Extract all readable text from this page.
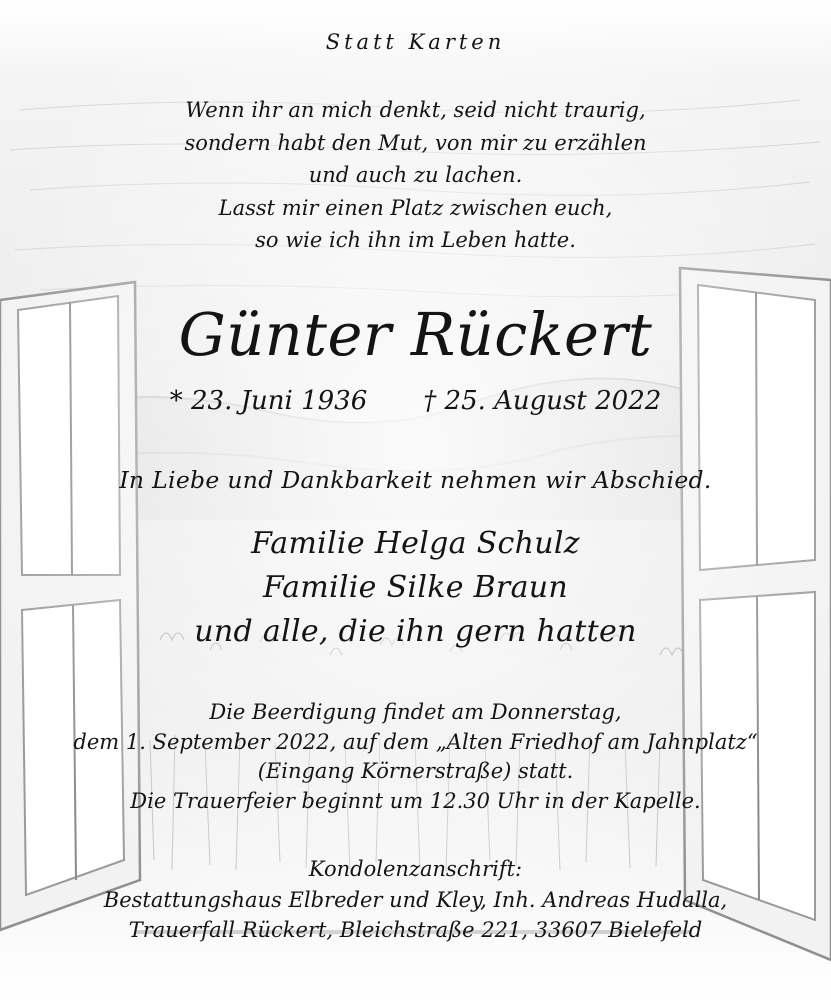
Statt Karten
Wenn ihr an mich denkt, seid nicht traurig,
sondern habt den Mut, von mir zu erzählen
und auch zu lachen.
Lasst mir einen Platz zwischen euch,
so wie ich ihn im Leben hatte.
Günter Rückert
* 23. Juni 1936 † 25. August 2022
In Liebe und Dankbarkeit nehmen wir Abschied.
Familie Helga Schulz
Familie Silke Braun
und alle, die ihn gern hatten
Die Beerdigung findet am Donnerstag,
dem 1. September 2022, auf dem „Alten Friedhof am Jahnplatz“
(Eingang Körnerstraße) statt.
Die Trauerfeier beginnt um 12.30 Uhr in der Kapelle.
Kondolenzanschrift:
Bestattungshaus Elbreder und Kley, Inh. Andreas Hudalla,
Trauerfall Rückert, Bleichstraße 221, 33607 Bielefeld
